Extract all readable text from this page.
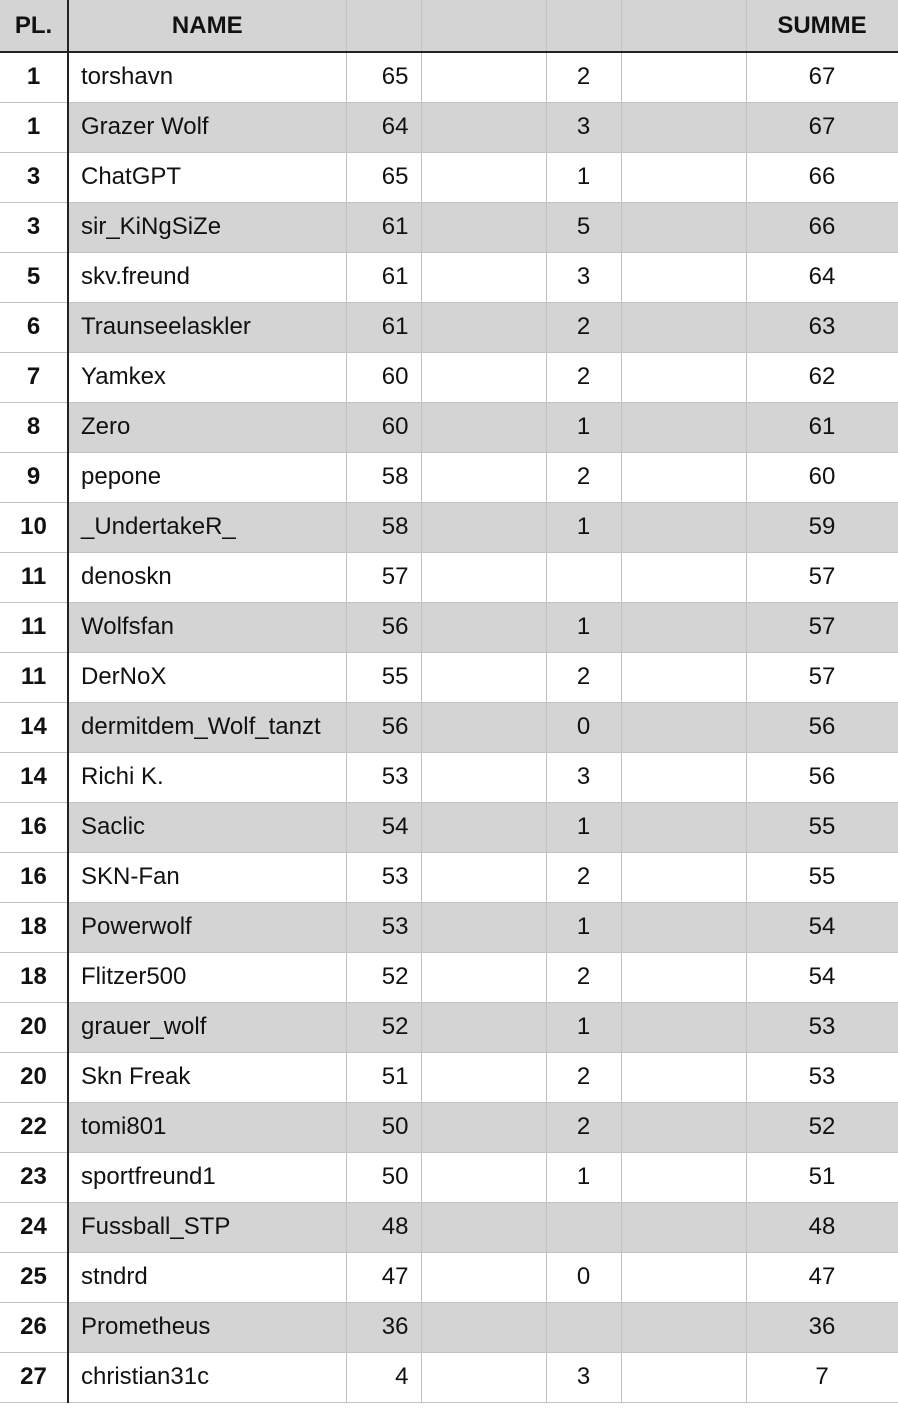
PL.	NAME					SUMME
1	torshavn	65		2		67
1	Grazer Wolf	64		3		67
3	ChatGPT	65		1		66
3	sir_KiNgSiZe	61		5		66
5	skv.freund	61		3		64
6	Traunseelaskler	61		2		63
7	Yamkex	60		2		62
8	Zero	60		1		61
9	pepone	58		2		60
10	_UndertakeR_	58		1		59
11	denoskn	57				57
11	Wolfsfan	56		1		57
11	DerNoX	55		2		57
14	dermitdem_Wolf_tanzt	56		0		56
14	Richi K.	53		3		56
16	Saclic	54		1		55
16	SKN-Fan	53		2		55
18	Powerwolf	53		1		54
18	Flitzer500	52		2		54
20	grauer_wolf	52		1		53
20	Skn Freak	51		2		53
22	tomi801	50		2		52
23	sportfreund1	50		1		51
24	Fussball_STP	48				48
25	stndrd	47		0		47
26	Prometheus	36				36
27	christian31c	4		3		7
